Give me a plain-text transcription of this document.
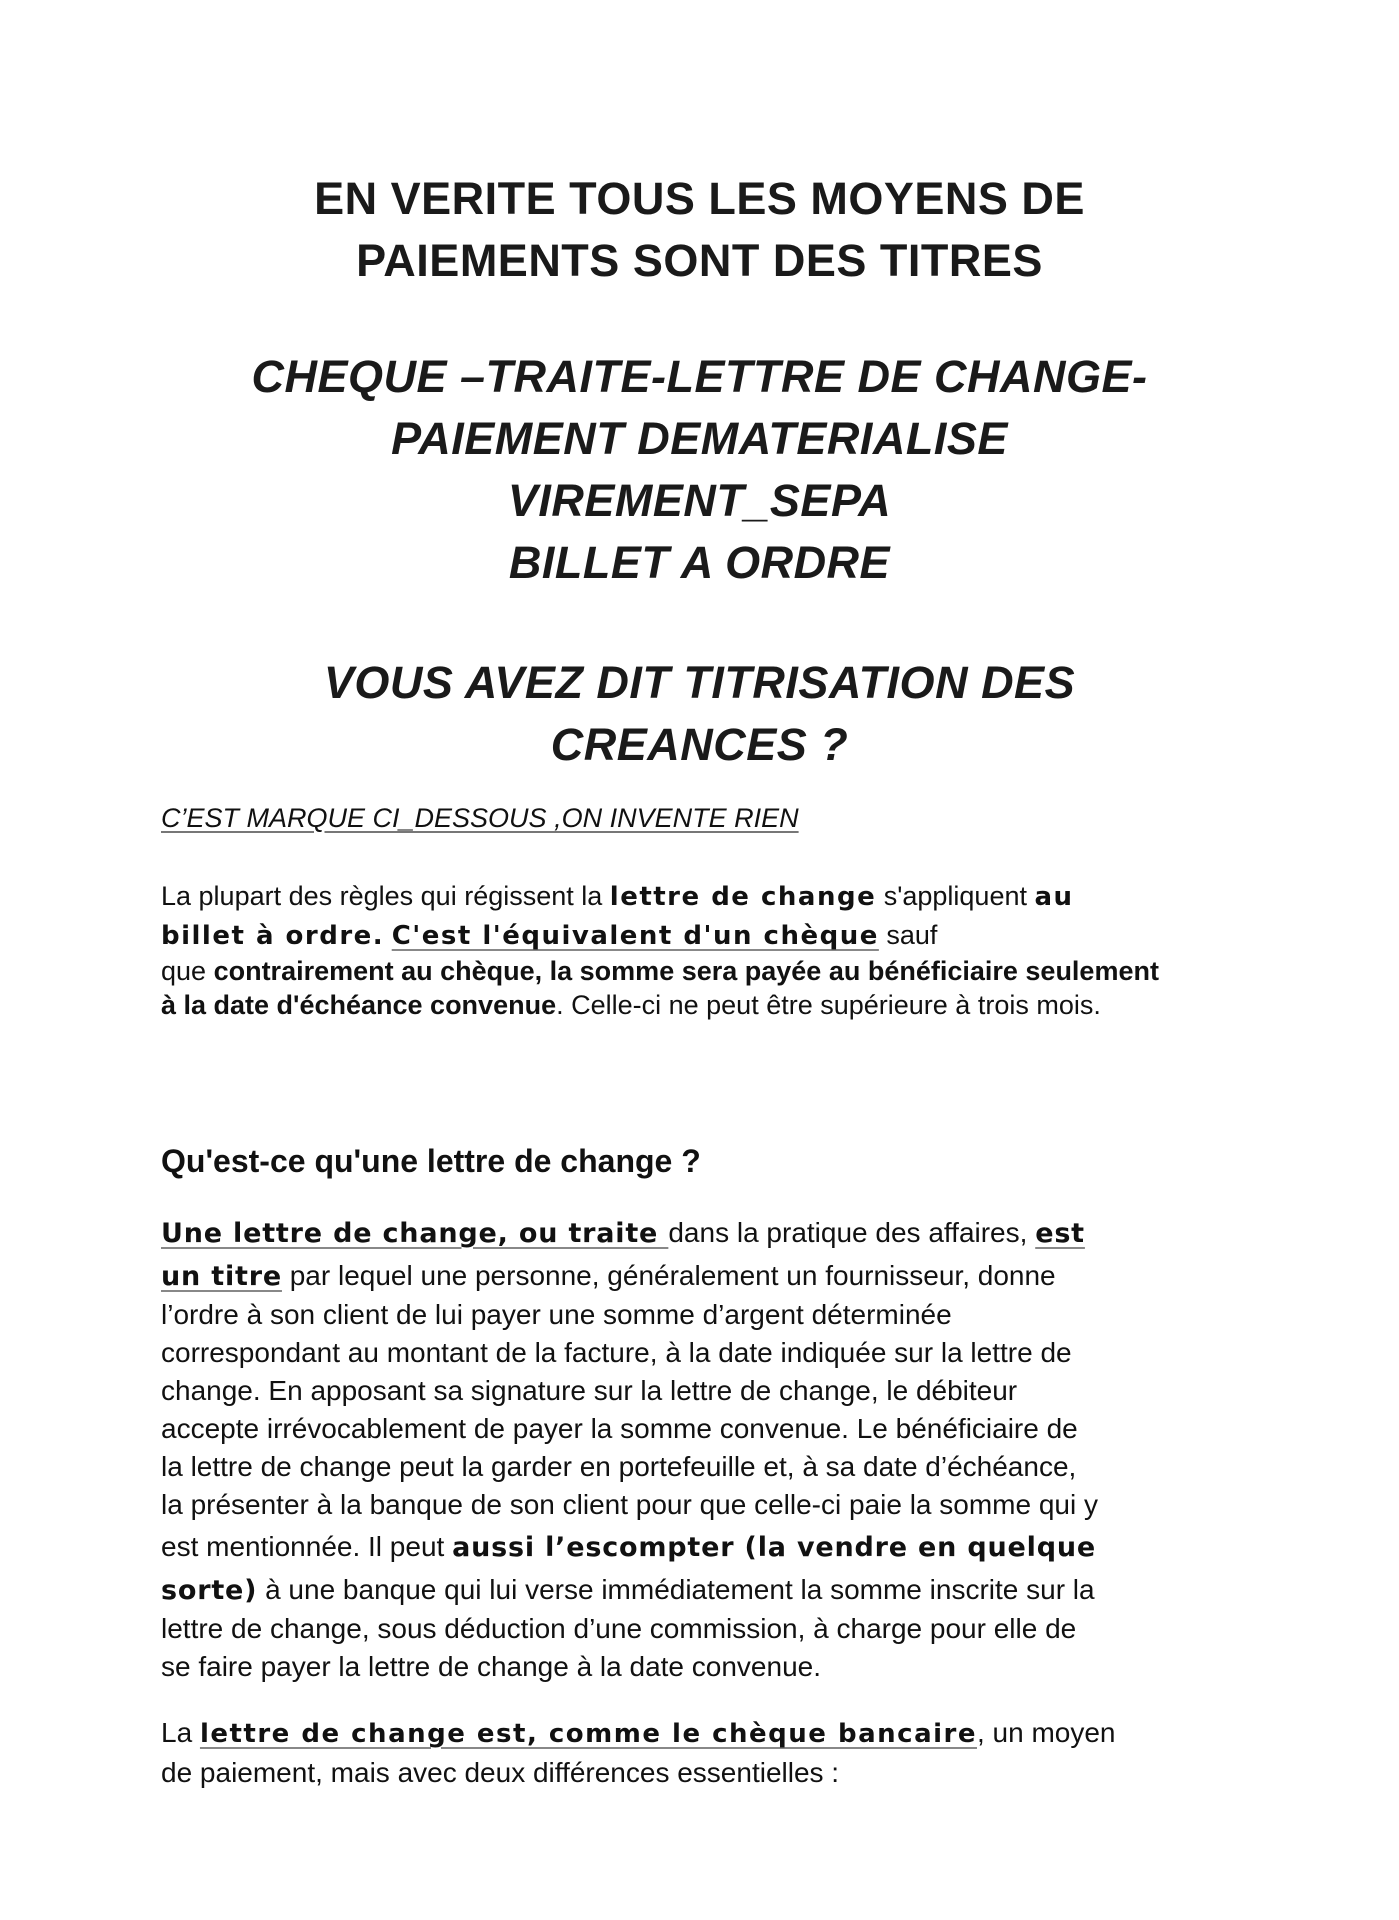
EN VERITE TOUS LES MOYENS DE
PAIEMENTS SONT DES TITRES
CHEQUE –TRAITE-LETTRE DE CHANGE-
PAIEMENT DEMATERIALISE
VIREMENT_SEPA
BILLET A ORDRE
VOUS AVEZ DIT TITRISATION DES
CREANCES ?
C’EST MARQUE CI_DESSOUS ,ON INVENTE RIEN
La plupart des règles qui régissent la lettre de change s'appliquent au
billet à ordre. C'est l'équivalent d'un chèque sauf
que contrairement au chèque, la somme sera payée au bénéficiaire seulement
à la date d'échéance convenue. Celle-ci ne peut être supérieure à trois mois.
Qu'est-ce qu'une lettre de change ?
Une lettre de change, ou traite dans la pratique des affaires, est
un titre par lequel une personne, généralement un fournisseur, donne
l’ordre à son client de lui payer une somme d’argent déterminée
correspondant au montant de la facture, à la date indiquée sur la lettre de
change. En apposant sa signature sur la lettre de change, le débiteur
accepte irrévocablement de payer la somme convenue. Le bénéficiaire de
la lettre de change peut la garder en portefeuille et, à sa date d’échéance,
la présenter à la banque de son client pour que celle-ci paie la somme qui y
est mentionnée. Il peut aussi l’escompter (la vendre en quelque
sorte) à une banque qui lui verse immédiatement la somme inscrite sur la
lettre de change, sous déduction d’une commission, à charge pour elle de
se faire payer la lettre de change à la date convenue.
La lettre de change est, comme le chèque bancaire, un moyen
de paiement, mais avec deux différences essentielles :
